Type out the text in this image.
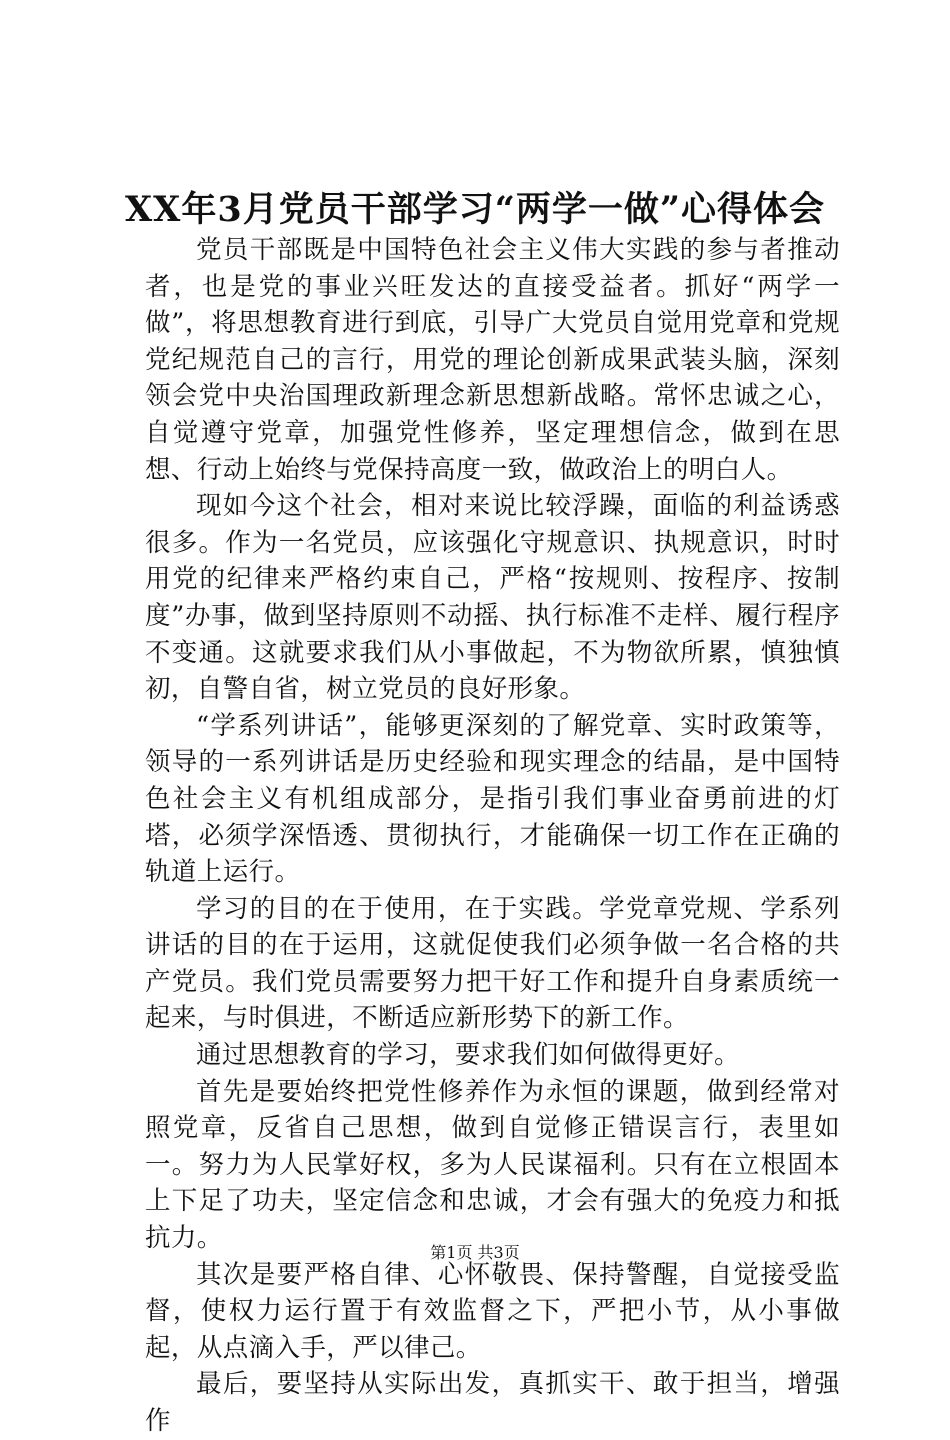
XX年3月党员干部学习“两学一做”心得体会

党员干部既是中国特色社会主义伟大实践的参与者推动者，也是党的事业兴旺发达的直接受益者。抓好“两学一做”，将思想教育进行到底，引导广大党员自觉用党章和党规党纪规范自己的言行，用党的理论创新成果武装头脑，深刻领会党中央治国理政新理念新思想新战略。常怀忠诚之心，自觉遵守党章，加强党性修养，坚定理想信念，做到在思想、行动上始终与党保持高度一致，做政治上的明白人。

现如今这个社会，相对来说比较浮躁，面临的利益诱惑很多。作为一名党员，应该强化守规意识、执规意识，时时用党的纪律来严格约束自己，严格“按规则、按程序、按制度”办事，做到坚持原则不动摇、执行标准不走样、履行程序不变通。这就要求我们从小事做起，不为物欲所累，慎独慎初，自警自省，树立党员的良好形象。

“学系列讲话”，能够更深刻的了解党章、实时政策等，领导的一系列讲话是历史经验和现实理念的结晶，是中国特色社会主义有机组成部分，是指引我们事业奋勇前进的灯塔，必须学深悟透、贯彻执行，才能确保一切工作在正确的轨道上运行。

学习的目的在于使用，在于实践。学党章党规、学系列讲话的目的在于运用，这就促使我们必须争做一名合格的共产党员。我们党员需要努力把干好工作和提升自身素质统一起来，与时俱进，不断适应新形势下的新工作。

通过思想教育的学习，要求我们如何做得更好。

首先是要始终把党性修养作为永恒的课题，做到经常对照党章，反省自己思想，做到自觉修正错误言行，表里如一。努力为人民掌好权，多为人民谋福利。只有在立根固本上下足了功夫，坚定信念和忠诚，才会有强大的免疫力和抵抗力。

其次是要严格自律、心怀敬畏、保持警醒，自觉接受监督，使权力运行置于有效监督之下，严把小节，从小事做起，从点滴入手，严以律己。

最后，要坚持从实际出发，真抓实干、敢于担当，增强作

第1页 共3页
